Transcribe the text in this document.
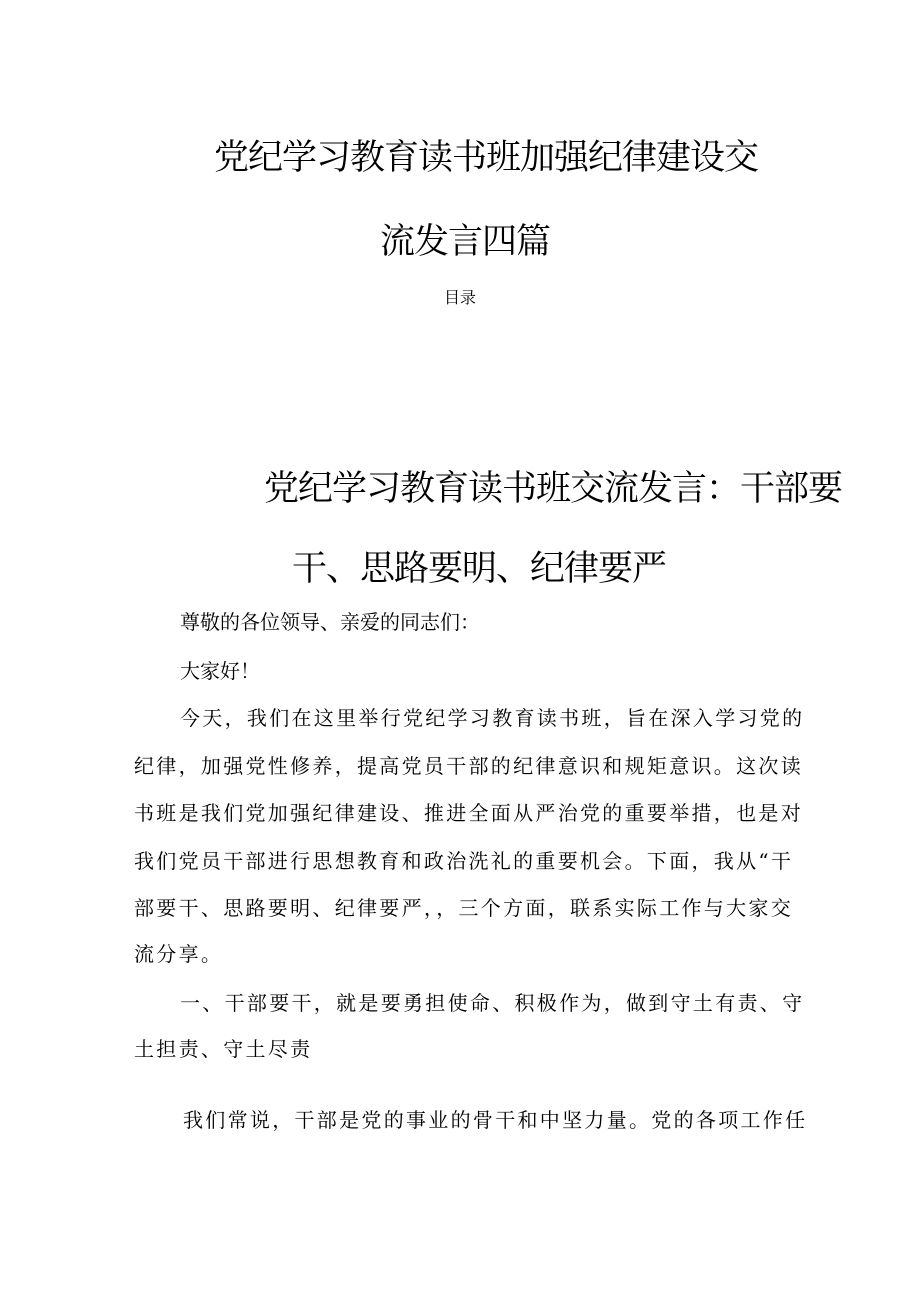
党纪学习教育读书班加强纪律建设交
流发言四篇
目录
党纪学习教育读书班交流发言：干部要
干、思路要明、纪律要严
尊敬的各位领导、亲爱的同志们：
大家好！
今天，我们在这里举行党纪学习教育读书班，旨在深入学习党的
纪律，加强党性修养，提高党员干部的纪律意识和规矩意识。这次读
书班是我们党加强纪律建设、推进全面从严治党的重要举措，也是对
我们党员干部进行思想教育和政治洗礼的重要机会。下面，我从“干
部要干、思路要明、纪律要严，，三个方面，联系实际工作与大家交
流分享。
一、干部要干，就是要勇担使命、积极作为，做到守土有责、守
土担责、守土尽责
我们常说，干部是党的事业的骨干和中坚力量。党的各项工作任
